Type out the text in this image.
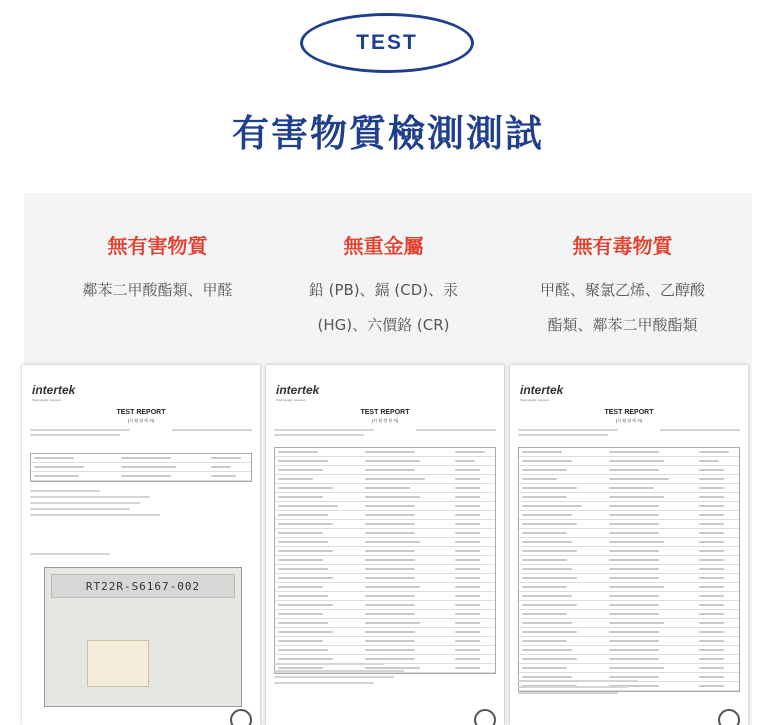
TEST
有害物質檢測測試
無有害物質
鄰苯二甲酸酯類、甲醛
無重金屬
鉛 (PB)、鎘 (CD)、汞
(HG)、六價鉻 (CR)
無有毒物質
甲醛、聚氯乙烯、乙醇酸
酯類、鄰苯二甲酸酯類
intertek
Total Quality. Assured.
TEST REPORT
(시 험 성 적 서)
RT22R-S6167-002
intertek
Total Quality. Assured.
TEST REPORT
(시 험 성 적 서)
intertek
Total Quality. Assured.
TEST REPORT
(시 험 성 적 서)
